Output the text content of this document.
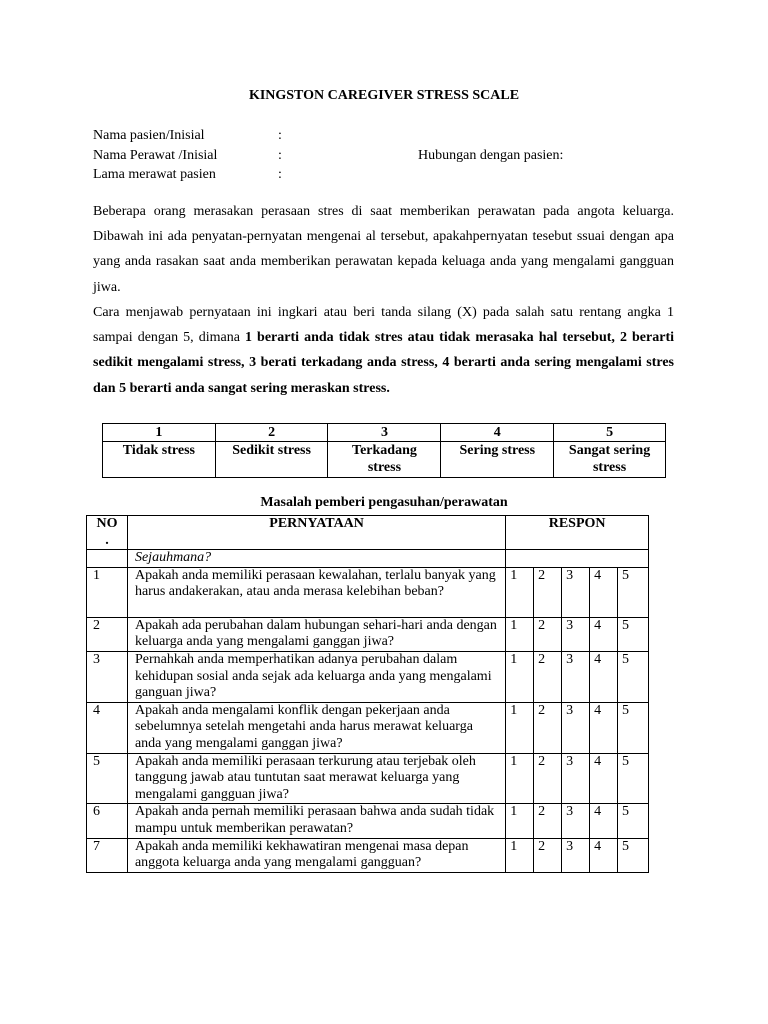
KINGSTON CAREGIVER STRESS SCALE
Nama pasien/Inisial	:
Nama Perawat /Inisial	:	Hubungan dengan pasien:
Lama merawat pasien	:

Beberapa orang merasakan perasaan stres di saat memberikan perawatan pada angota keluarga. Dibawah ini ada penyatan-pernyatan mengenai al tersebut, apakahpernyatan tesebut ssuai dengan apa yang anda rasakan saat anda memberikan perawatan kepada keluaga anda yang mengalami gangguan jiwa.

Cara menjawab pernyataan ini ingkari atau beri tanda silang (X) pada salah satu rentang angka 1 sampai dengan 5, dimana 1 berarti anda tidak stres atau tidak merasaka hal tersebut, 2 berarti sedikit mengalami stress, 3 berati terkadang anda stress, 4 berarti anda sering mengalami stres dan 5 berarti anda sangat sering meraskan stress.

1	2	3	4	5
Tidak stress	Sedikit stress	Terkadang stress	Sering stress	Sangat sering stress
Masalah pemberi pengasuhan/perawatan
NO .	PERNYATAAN	RESPON				
	Sejauhmana?					
1	Apakah anda memiliki perasaan kewalahan, terlalu banyak yang harus andakerakan, atau anda merasa kelebihan beban?	1	2	3	4	5
2	Apakah ada perubahan dalam hubungan sehari-hari anda dengan keluarga anda yang mengalami ganggan jiwa?	1	2	3	4	5
3	Pernahkah anda memperhatikan adanya perubahan dalam kehidupan sosial anda sejak ada keluarga anda yang mengalami ganguan jiwa?	1	2	3	4	5
4	Apakah anda mengalami konflik dengan pekerjaan anda sebelumnya setelah mengetahi anda harus merawat keluarga anda yang mengalami ganggan jiwa?	1	2	3	4	5
5	Apakah anda memiliki perasaan terkurung atau terjebak oleh tanggung jawab atau tuntutan saat merawat keluarga yang mengalami gangguan jiwa?	1	2	3	4	5
6	Apakah anda pernah memiliki perasaan bahwa anda sudah tidak mampu untuk memberikan perawatan?	1	2	3	4	5
7	Apakah anda memiliki kekhawatiran mengenai masa depan anggota keluarga anda yang mengalami gangguan?	1	2	3	4	5
